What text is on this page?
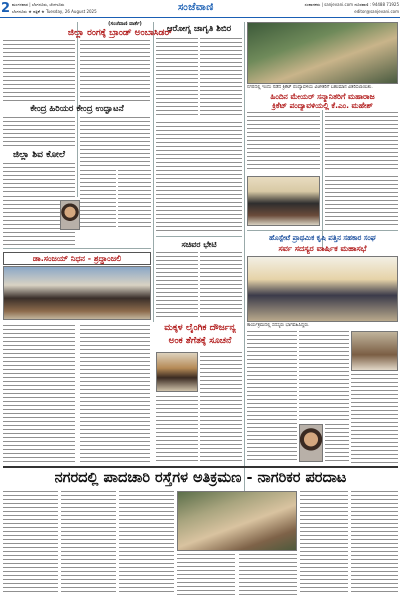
2 ಮಂಗಳವಾರ | ಬೆಂಗಳೂರು, ಬೆಂಗಳೂರು
ಬೆಂಗಳೂರು ★ ಪತ್ರಿಕೆ ★ Tuesday, 26 August 2025	ಸಂಜೆವಾಣಿ	ಸಂಪಾದಕರು | sanjevani.com ದೂರವಾಣಿ : 94488 71925
editor@sanjevani.com
(ಸಂಜೆವಾಣಿ ವಾರ್ತೆ)
ಜಿಲ್ಲಾ ರಂಗಕ್ಕೆ ಬ್ರಾಂಡ್ ಅಂಬಾಸಿಡರ್
ಕೇಂದ್ರ ಹಿರಿಯರ ಕೇಂದ್ರ ಉದ್ಘಾಟನೆ
ಜಿಲ್ಲಾ ಶಿವ ಕೋಲೆ
ಡಾ.ಸಂಜಯ್ ನಿಧನ - ಶ್ರದ್ಧಾಂಜಲಿ
ಆರೋಗ್ಯ ಜಾಗೃತಿ ಶಿಬಿರ
ಸಚಿವರ ಭೇಟಿ
ಮಕ್ಕಳ ಲೈಂಗಿಕ ದೌರ್ಜನ್ಯ
ಅಂಕ ತೆಗೆತಕ್ಕೆ ಸೂಚನೆ
ನಗರದಲ್ಲಿ ಇಂದು ನಡೆದ ಕ್ರಿಕೆಟ್ ಪಂದ್ಯಾವಳಿಯ ವಿಜೇತರಿಗೆ ಬಹುಮಾನ ವಿತರಿಸಲಾಯಿತು.
ಹಿಂದಿನ ಮೇಯರ್ ಸನ್ಮಾನಿತರಿಗೆ ಮಹಾರಾಜ
ಕ್ರಿಕೆಟ್ ಪಂದ್ಯಾವಳಿಯಲ್ಲಿ ಕೆ.ಎಂ. ಮಹೇಶ್
ಹೊಸ್ಪೇಟೆ ಪ್ರಾಥಮಿಕ ಕೃಷಿ ಪತ್ತಿನ ಸಹಕಾರ ಸಂಘ
ಸರ್ವ ಸದಸ್ಯರ ವಾರ್ಷಿಕ ಮಹಾಸಭೆ
ಕಾರ್ಯಕ್ರಮದಲ್ಲಿ ಸದಸ್ಯರು ಭಾಗವಹಿಸಿದ್ದರು.
ನಗರದಲ್ಲಿ ಪಾದಚಾರಿ ರಸ್ತೆಗಳ ಅತಿಕ್ರಮಣ - ನಾಗರಿಕರ ಪರದಾಟ
